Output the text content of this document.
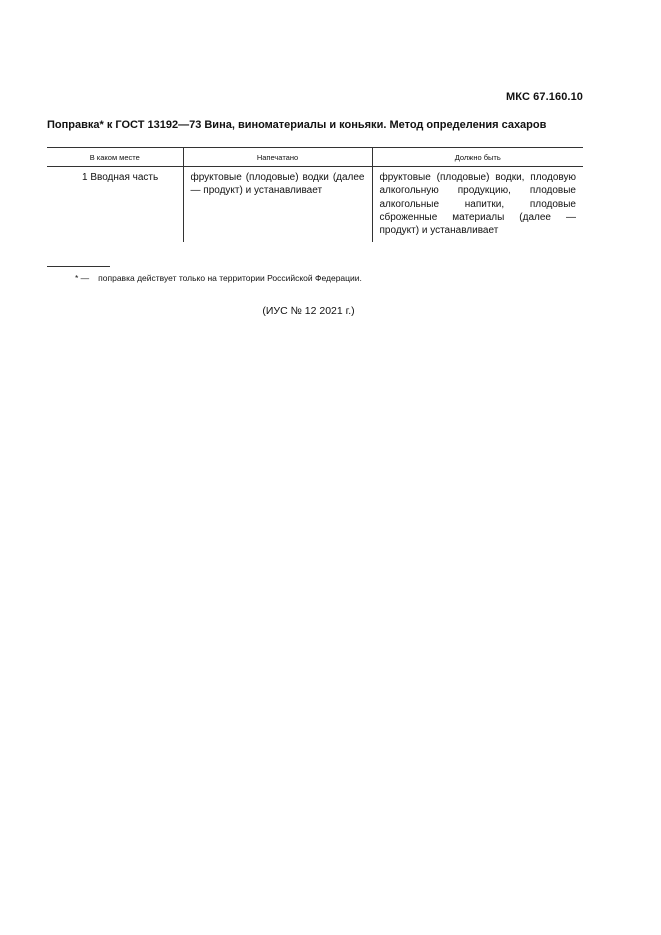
МКС 67.160.10
Поправка* к ГОСТ 13192—73 Вина, виноматериалы и коньяки. Метод определения сахаров
В каком месте	Напечатано	Должно быть
1 Вводная часть	фруктовые (плодовые) водки (далее — продукт) и устанавливает	фруктовые (плодовые) водки, плодовую алкогольную продукцию, плодовые алкогольные напитки, плодовые сброженные материалы (далее — продукт) и устанавливает
* — поправка действует только на территории Российской Федерации.
(ИУС № 12 2021 г.)
